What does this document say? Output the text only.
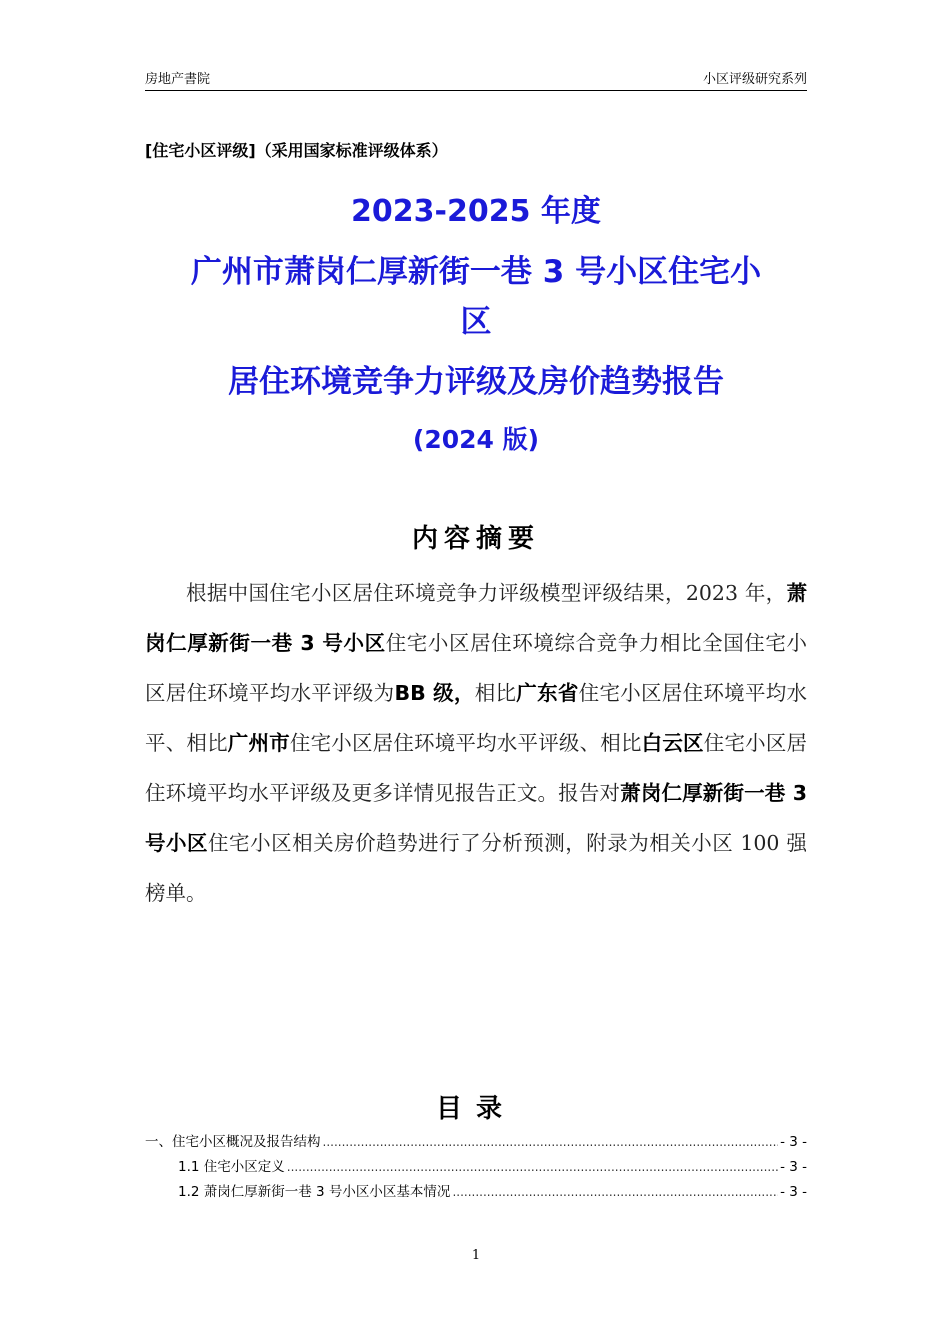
房地产書院	小区评级研究系列
[住宅小区评级]（采用国家标准评级体系）
2023-2025 年度
广州市萧岗仁厚新街一巷 3 号小区住宅小
区
居住环境竞争力评级及房价趋势报告
(2024 版)
内容摘要
根据中国住宅小区居住环境竞争力评级模型评级结果，2023 年，萧岗仁厚新街一巷 3 号小区住宅小区居住环境综合竞争力相比全国住宅小区居住环境平均水平评级为BB 级，相比广东省住宅小区居住环境平均水平、相比广州市住宅小区居住环境平均水平评级、相比白云区住宅小区居住环境平均水平评级及更多详情见报告正文。报告对萧岗仁厚新街一巷 3 号小区住宅小区相关房价趋势进行了分析预测，附录为相关小区 100 强榜单。
目录
一、住宅小区概况及报告结构 .....	- 3 -
1.1 住宅小区定义 .....	- 3 -
1.2 萧岗仁厚新街一巷 3 号小区小区基本情况 .....	- 3 -
1
